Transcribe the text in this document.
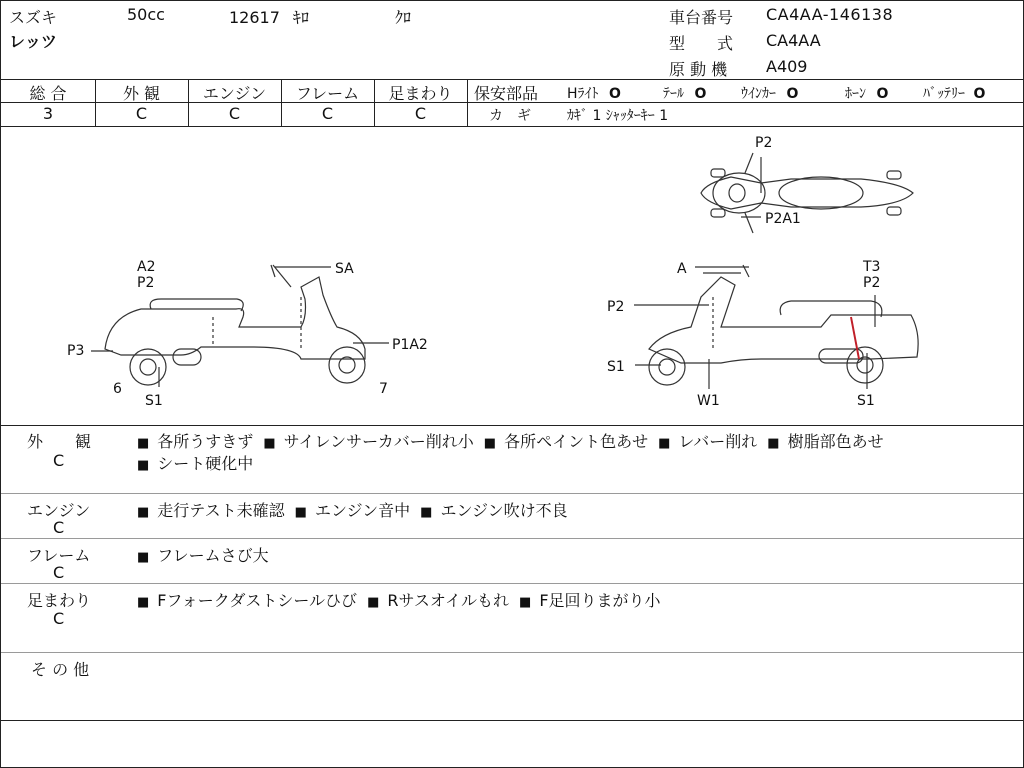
スズキ
レッツ
50cc	12617 ｷﾛ	ｸﾛ	車台番号 CA4AA-146138
型　　式 CA4AA
原 動 機 A409
総 合	外 観	エンジン	フレーム	足まわり
3	C	C	C	C
保安部品 Hﾗｲﾄ O	ﾃｰﾙ O ｳｲﾝｶｰ O	ﾎｰﾝ O ﾊﾞｯﾃﾘｰ O
カ　ギ	ｶｷﾞ 1 ｼｬｯﾀｰｷｰ 1
P2
P2A1
A2
P2
SA
P3	P1A2
6
S1
7
A	T3
P2
P2
S1
W1	S1
外　　観
C
■ 各所うすきず ■ サイレンサーカバー削れ小 ■ 各所ペイント色あせ ■ レバー削れ ■ 樹脂部色あせ
■ シート硬化中
エンジン
C
■ 走行テスト未確認 ■ エンジン音中 ■ エンジン吹け不良
フレーム
C
■ フレームさび大
足まわり
C
■ Fフォークダストシールひび ■ Rサスオイルもれ ■ F足回りまがり小
そ の 他
